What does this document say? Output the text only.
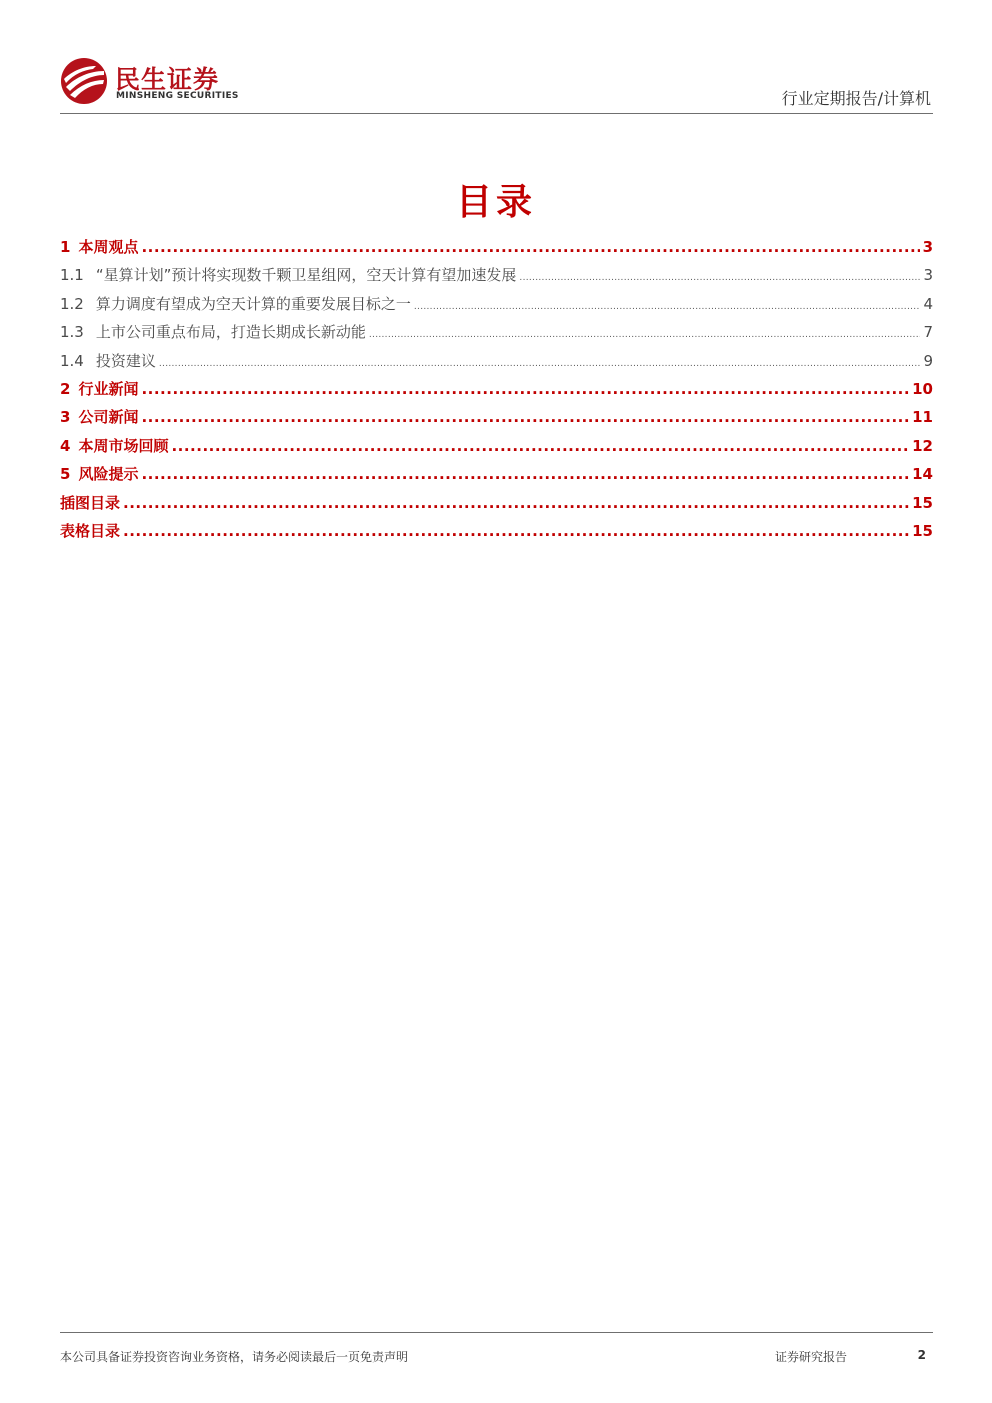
民生证券
MINSHENG SECURITIES	行业定期报告/计算机
目录
1 本周观点 .....	3
1.1 “星算计划”预计将实现数千颗卫星组网，空天计算有望加速发展 .....	3
1.2 算力调度有望成为空天计算的重要发展目标之一 .....	4
1.3 上市公司重点布局，打造长期成长新动能 .....	7
1.4 投资建议 .....	9
2 行业新闻 .....	10
3 公司新闻 .....	11
4 本周市场回顾 .....	12
5 风险提示 .....	14
插图目录 .....	15
表格目录 .....	15
本公司具备证券投资咨询业务资格，请务必阅读最后一页免责声明	证券研究报告	2
